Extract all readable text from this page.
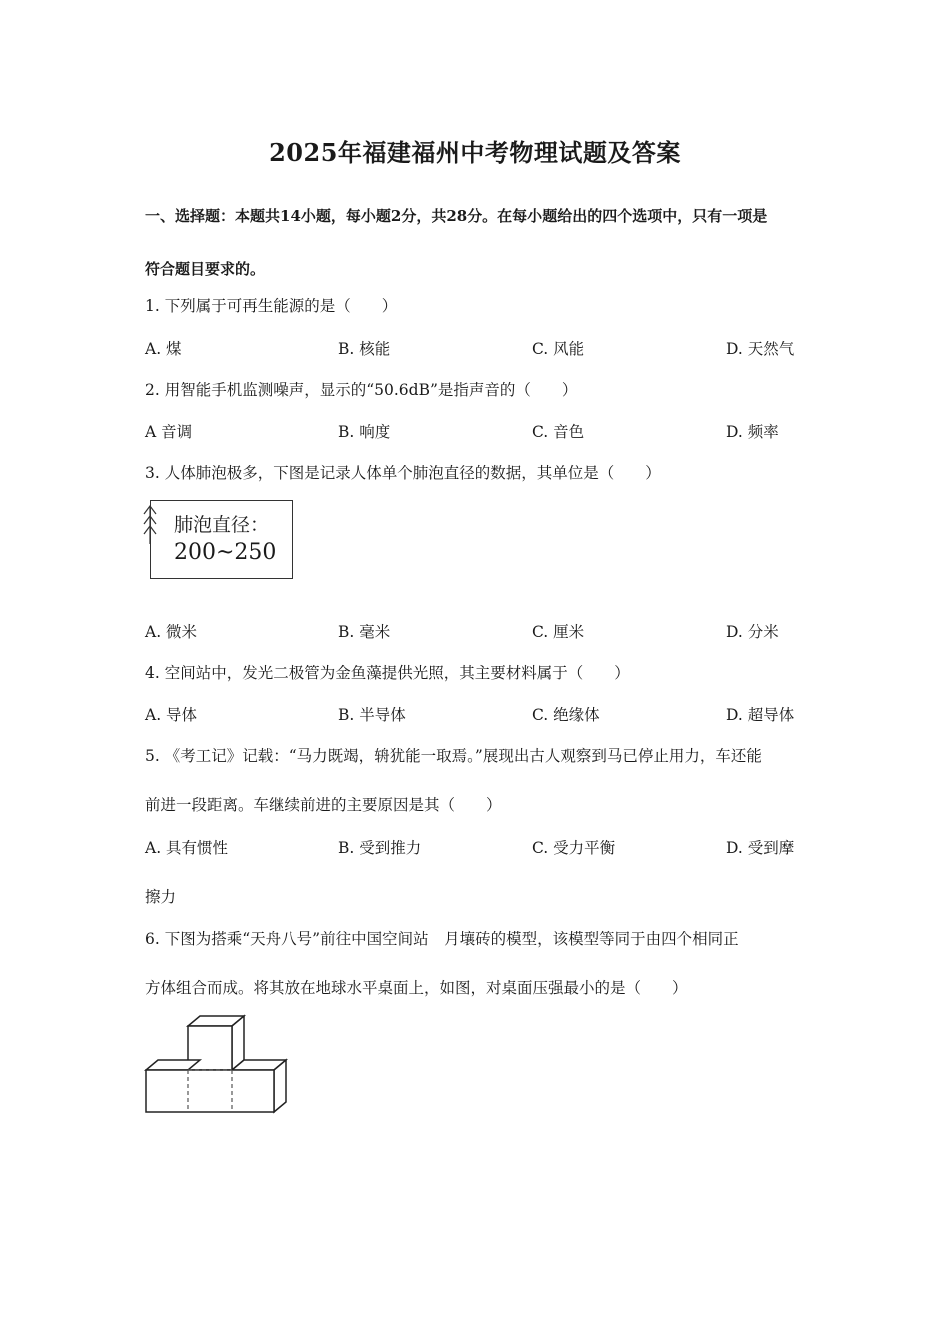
2025年福建福州中考物理试题及答案
一、选择题：本题共14小题，每小题2分，共28分。在每小题给出的四个选项中，只有一项是
符合题目要求的。
1. 下列属于可再生能源的是（　　）
A. 煤	B. 核能	C. 风能	D. 天然气
2. 用智能手机监测噪声，显示的“50.6dB”是指声音的（　　）
A 音调	B. 响度	C. 音色	D. 频率
3. 人体肺泡极多，下图是记录人体单个肺泡直径的数据，其单位是（　　）
肺泡直径：
200~250
A. 微米	B. 毫米	C. 厘米	D. 分米
4. 空间站中，发光二极管为金鱼藻提供光照，其主要材料属于（　　）
A. 导体	B. 半导体	C. 绝缘体	D. 超导体
5. 《考工记》记载：“马力既竭，辀犹能一取焉。”展现出古人观察到马已停止用力，车还能
前进一段距离。车继续前进的主要原因是其（　　）
A. 具有惯性	B. 受到推力	C. 受力平衡	D. 受到摩
擦力
6. 下图为搭乘“天舟八号”前往中国空间站　月壤砖的模型，该模型等同于由四个相同正
方体组合而成。将其放在地球水平桌面上，如图，对桌面压强最小的是（　　）
